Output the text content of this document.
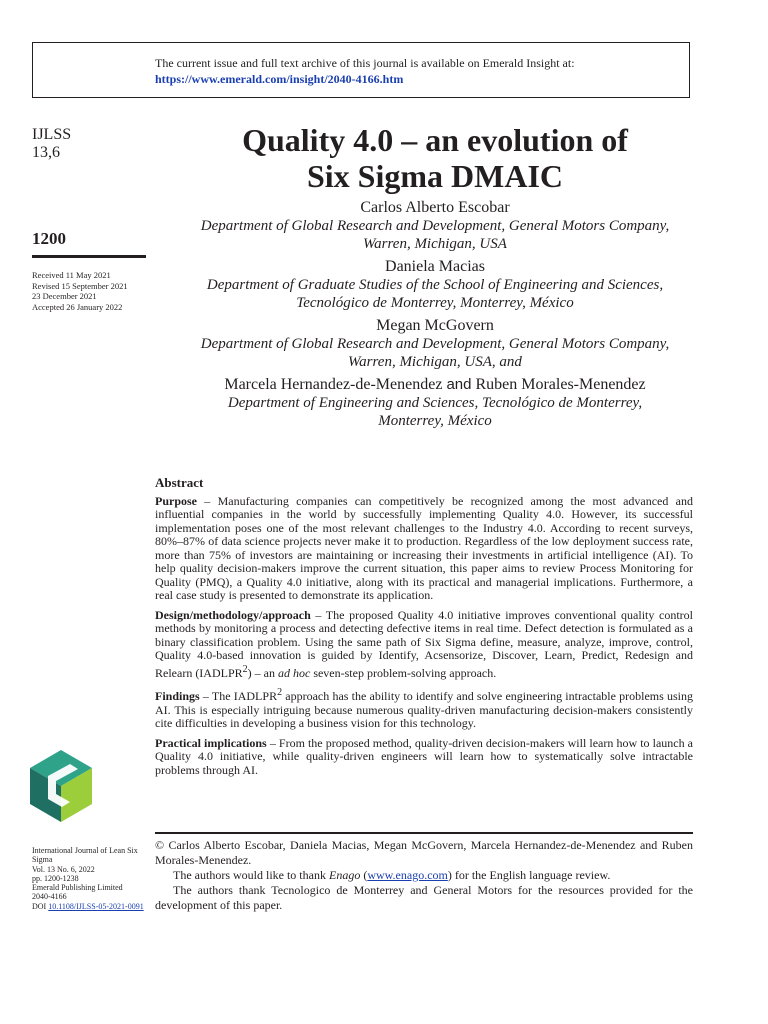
The current issue and full text archive of this journal is available on Emerald Insight at:
https://www.emerald.com/insight/2040-4166.htm
IJLSS
13,6
1200
Received 11 May 2021
Revised 15 September 2021
23 December 2021
Accepted 26 January 2022
Quality 4.0 – an evolution of
Six Sigma DMAIC
Carlos Alberto Escobar
Department of Global Research and Development, General Motors Company,
Warren, Michigan, USA
Daniela Macias
Department of Graduate Studies of the School of Engineering and Sciences,
Tecnológico de Monterrey, Monterrey, México
Megan McGovern
Department of Global Research and Development, General Motors Company,
Warren, Michigan, USA, and
Marcela Hernandez-de-Menendez and Ruben Morales-Menendez
Department of Engineering and Sciences, Tecnológico de Monterrey,
Monterrey, México
Abstract

Purpose – Manufacturing companies can competitively be recognized among the most advanced and influential companies in the world by successfully implementing Quality 4.0. However, its successful implementation poses one of the most relevant challenges to the Industry 4.0. According to recent surveys, 80%–87% of data science projects never make it to production. Regardless of the low deployment success rate, more than 75% of investors are maintaining or increasing their investments in artificial intelligence (AI). To help quality decision-makers improve the current situation, this paper aims to review Process Monitoring for Quality (PMQ), a Quality 4.0 initiative, along with its practical and managerial implications. Furthermore, a real case study is presented to demonstrate its application.

Design/methodology/approach – The proposed Quality 4.0 initiative improves conventional quality control methods by monitoring a process and detecting defective items in real time. Defect detection is formulated as a binary classification problem. Using the same path of Six Sigma define, measure, analyze, improve, control, Quality 4.0-based innovation is guided by Identify, Acsensorize, Discover, Learn, Predict, Redesign and Relearn (IADLPR$^2$) – an ad hoc seven-step problem-solving approach.

Findings – The IADLPR$^2$ approach has the ability to identify and solve engineering intractable problems using AI. This is especially intriguing because numerous quality-driven manufacturing decision-makers consistently cite difficulties in developing a business vision for this technology.

Practical implications – From the proposed method, quality-driven decision-makers will learn how to launch a Quality 4.0 initiative, while quality-driven engineers will learn how to systematically solve intractable problems through AI.

International Journal of Lean Six Sigma
Vol. 13 No. 6, 2022
pp. 1200-1238
Emerald Publishing Limited
2040-4166
DOI 10.1108/IJLSS-05-2021-0091

© Carlos Alberto Escobar, Daniela Macias, Megan McGovern, Marcela Hernandez-de-Menendez and Ruben Morales-Menendez.

The authors would like to thank Enago (www.enago.com) for the English language review.

The authors thank Tecnologico de Monterrey and General Motors for the resources provided for the development of this paper.
